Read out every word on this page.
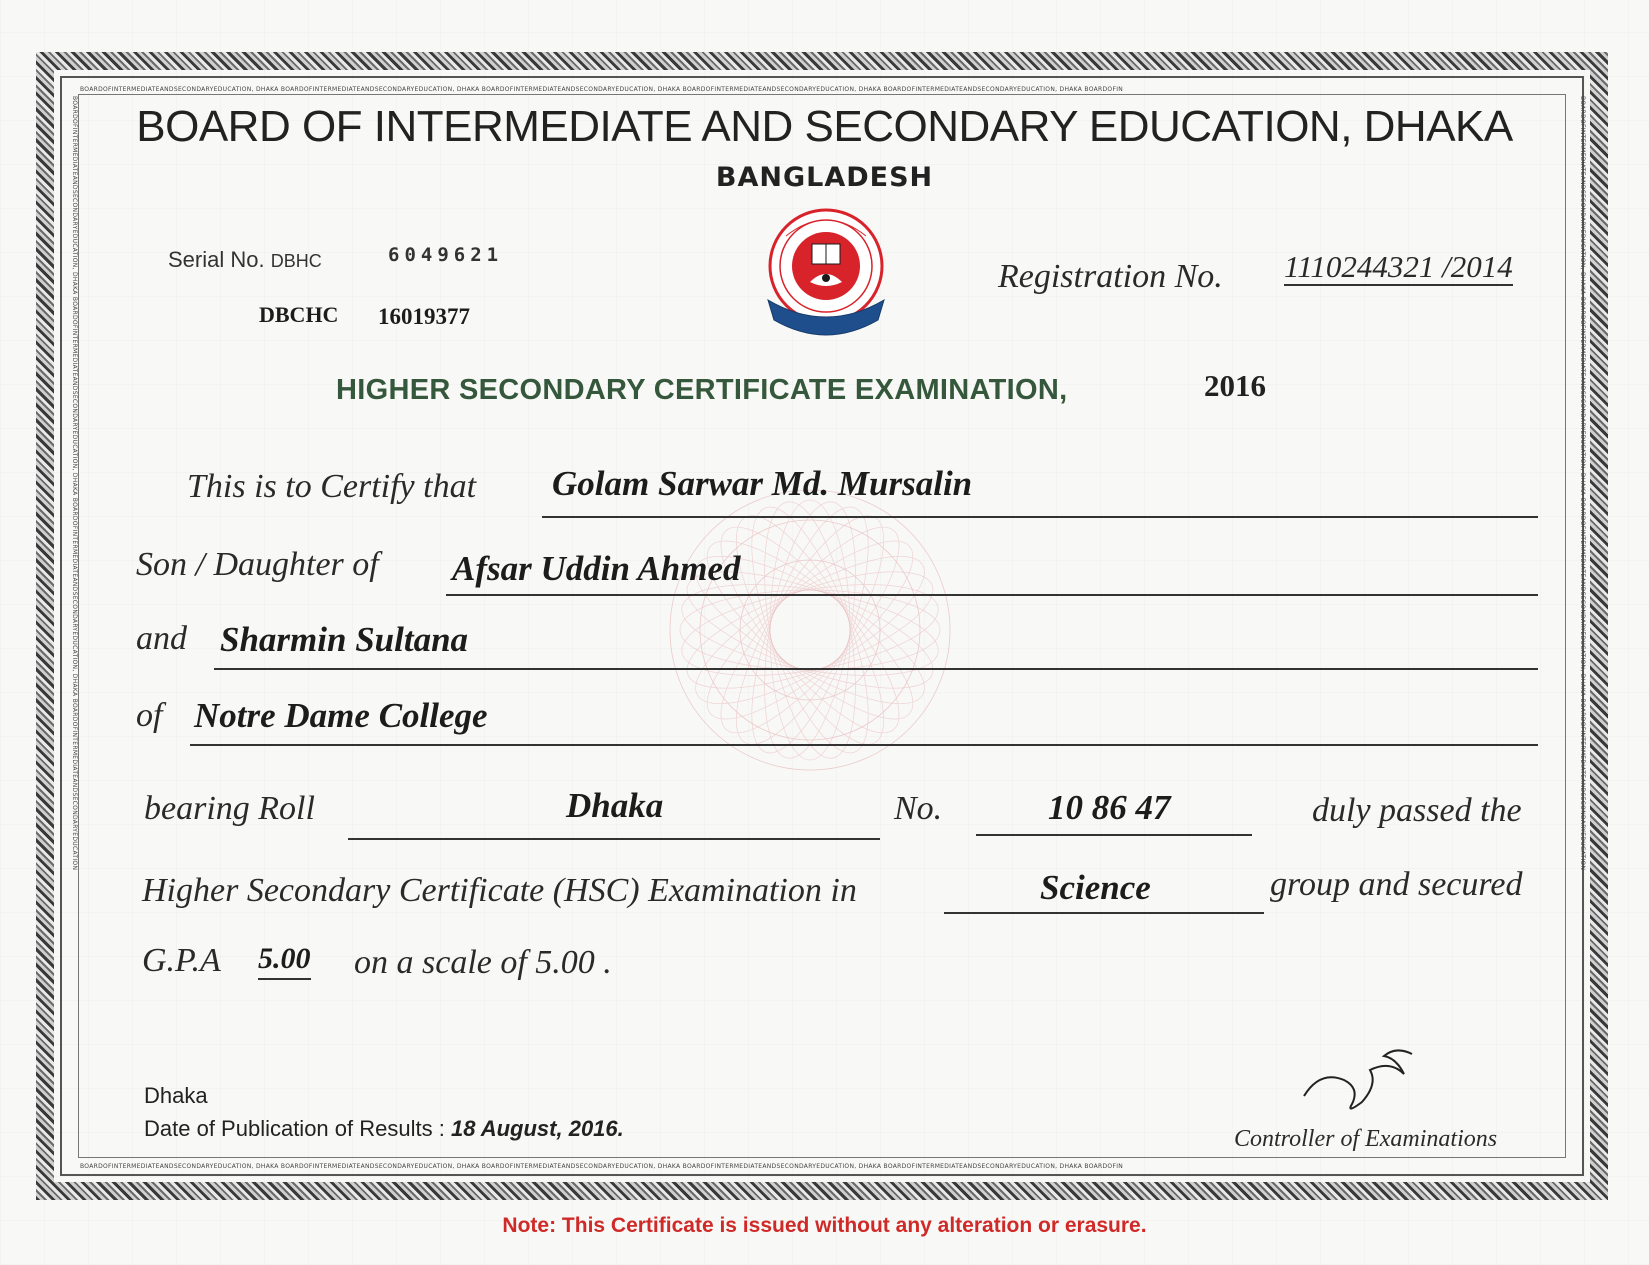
BOARDOFINTERMEDIATEANDSECONDARYEDUCATION, DHAKA BOARDOFINTERMEDIATEANDSECONDARYEDUCATION, DHAKA BOARDOFINTERMEDIATEANDSECONDARYEDUCATION, DHAKA BOARDOFINTERMEDIATEANDSECONDARYEDUCATION, DHAKA BOARDOFINTERMEDIATEANDSECONDARYEDUCATION, DHAKA BOARDOFIN
BOARDOFINTERMEDIATEANDSECONDARYEDUCATION, DHAKA BOARDOFINTERMEDIATEANDSECONDARYEDUCATION, DHAKA BOARDOFINTERMEDIATEANDSECONDARYEDUCATION, DHAKA BOARDOFINTERMEDIATEANDSECONDARYEDUCATION, DHAKA BOARDOFINTERMEDIATEANDSECONDARYEDUCATION, DHAKA BOARDOFIN
BOARDOFINTERMEDIATEANDSECONDARYEDUCATION, DHAKA BOARDOFINTERMEDIATEANDSECONDARYEDUCATION, DHAKA BOARDOFINTERMEDIATEANDSECONDARYEDUCATION, DHAKA BOARDOFINTERMEDIATEANDSECONDARYEDUCATION	BOARDOFINTERMEDIATEANDSECONDARYEDUCATION, DHAKA BOARDOFINTERMEDIATEANDSECONDARYEDUCATION, DHAKA BOARDOFINTERMEDIATEANDSECONDARYEDUCATION, DHAKA BOARDOFINTERMEDIATEANDSECONDARYEDUCATION
BOARD OF INTERMEDIATE AND SECONDARY EDUCATION, DHAKA
BANGLADESH
Serial No. DBHC	6049621
DBCHC 16019377
Registration No. 1110244321 /2014
HIGHER SECONDARY CERTIFICATE EXAMINATION,	2016
This is to Certify that Golam Sarwar Md. Mursalin
Son / Daughter of Afsar Uddin Ahmed
and Sharmin Sultana
of Notre Dame College
bearing Roll	Dhaka	No.	10 86 47	duly passed the
Higher Secondary Certificate (HSC) Examination in	Science	group and secured
G.P.A 5.00 on a scale of 5.00 .
Dhaka
Date of Publication of Results : 18 August, 2016.	Controller of Examinations
Note: This Certificate is issued without any alteration or erasure.
